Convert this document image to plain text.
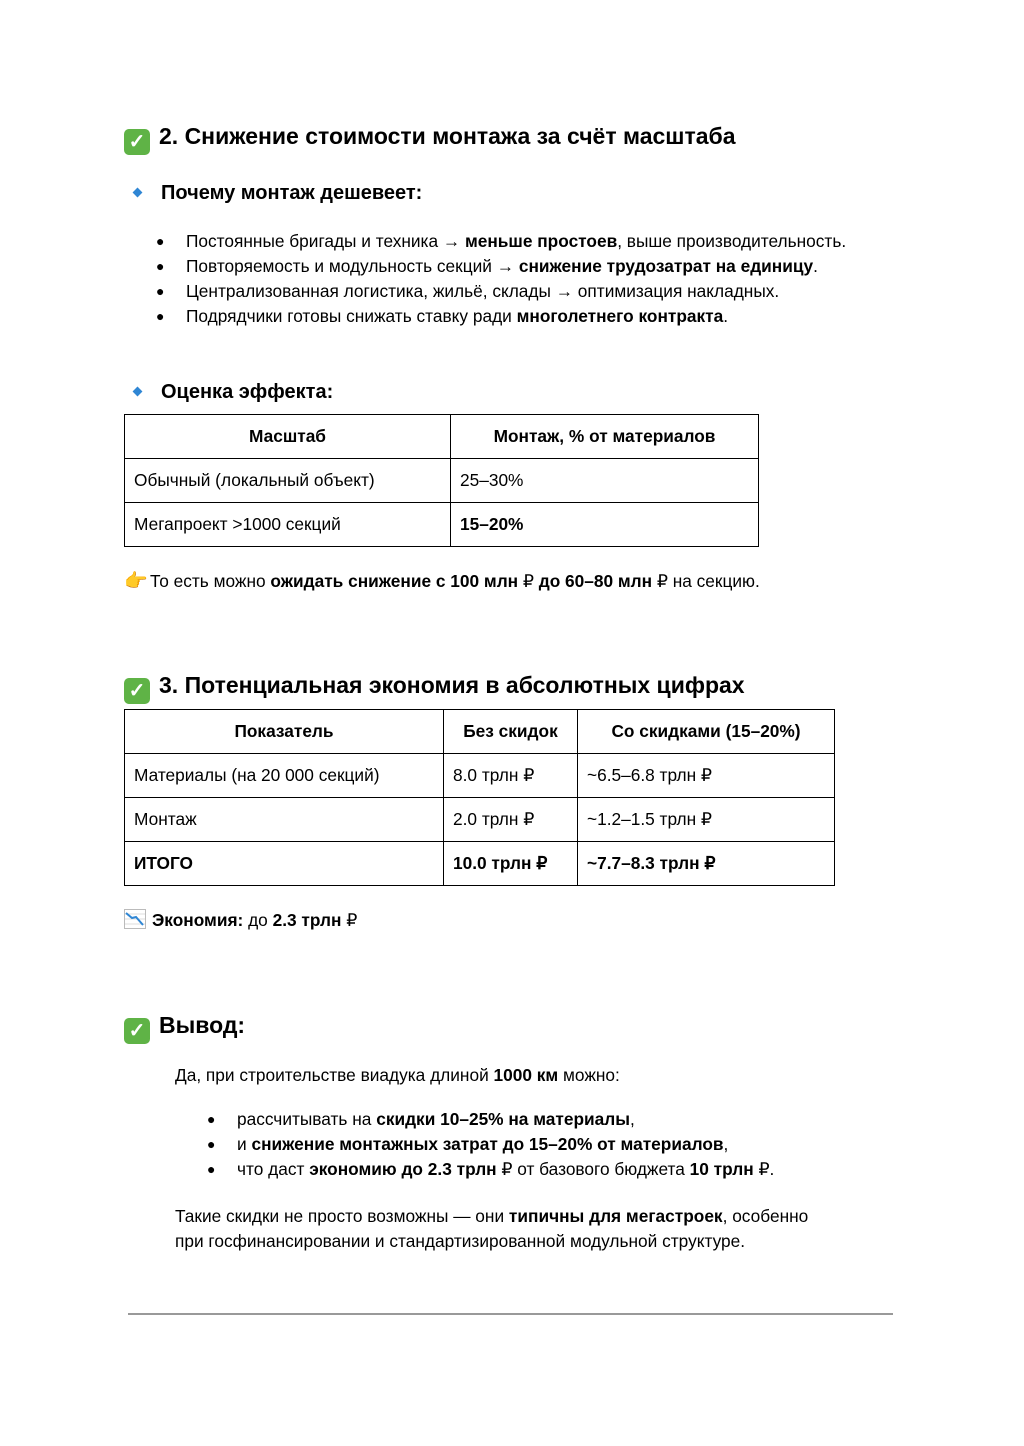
✓ 2. Снижение стоимости монтажа за счёт масштаба
Почему монтаж дешевеет:
● Постоянные бригады и техника → меньше простоев, выше производительность.
● Повторяемость и модульность секций → снижение трудозатрат на единицу.
● Централизованная логистика, жильё, склады → оптимизация накладных.
● Подрядчики готовы снижать ставку ради многолетнего контракта.
Оценка эффекта:
Масштаб	Монтаж, % от материалов
Обычный (локальный объект)	25–30%
Мегапроект >1000 секций	15–20%

👉 То есть можно ожидать снижение с 100 млн ₽ до 60–80 млн ₽ на секцию.

✓ 3. Потенциальная экономия в абсолютных цифрах
Показатель	Без скидок	Со скидками (15–20%)
Материалы (на 20 000 секций)	8.0 трлн ₽	~6.5–6.8 трлн ₽
Монтаж	2.0 трлн ₽	~1.2–1.5 трлн ₽
ИТОГО	10.0 трлн ₽	~7.7–8.3 трлн ₽

Экономия: до 2.3 трлн ₽

✓ Вывод:

Да, при строительстве виадука длиной 1000 км можно:

● рассчитывать на скидки 10–25% на материалы,
● и снижение монтажных затрат до 15–20% от материалов,
● что даст экономию до 2.3 трлн ₽ от базового бюджета 10 трлн ₽.

Такие скидки не просто возможны — они типичны для мегастроек, особенно при госфинансировании и стандартизированной модульной структуре.
